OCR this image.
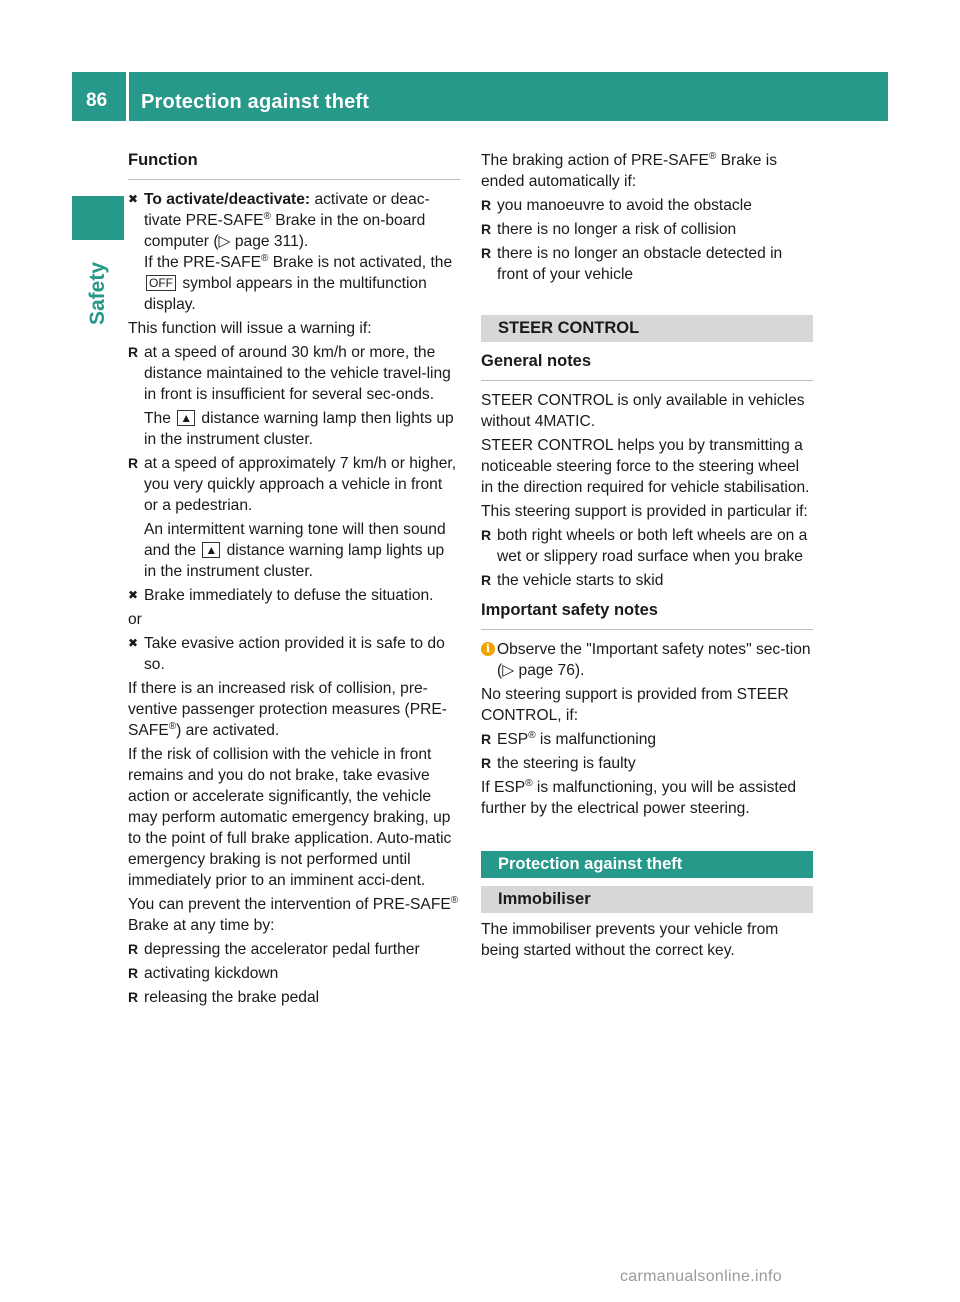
86	Protection against theft
Safety
Function
✖ To activate/deactivate: activate or deac-tivate PRE-SAFE® Brake in the on-board computer (▷ page 311).
If the PRE-SAFE® Brake is not activated, the OFF symbol appears in the multifunction display.

This function will issue a warning if:

R at a speed of around 30 km/h or more, the distance maintained to the vehicle travel-ling in front is insufficient for several sec-onds.
The ▲ distance warning lamp then lights up in the instrument cluster.
R at a speed of approximately 7 km/h or higher, you very quickly approach a vehicle in front or a pedestrian.
An intermittent warning tone will then sound and the ▲ distance warning lamp lights up in the instrument cluster.
✖ Brake immediately to defuse the situation.

or

✖ Take evasive action provided it is safe to do so.

If there is an increased risk of collision, pre-ventive passenger protection measures (PRE-SAFE®) are activated.

If the risk of collision with the vehicle in front remains and you do not brake, take evasive action or accelerate significantly, the vehicle may perform automatic emergency braking, up to the point of full brake application. Auto-matic emergency braking is not performed until immediately prior to an imminent acci-dent.

You can prevent the intervention of PRE-SAFE® Brake at any time by:

R depressing the accelerator pedal further
R activating kickdown
R releasing the brake pedal

The braking action of PRE-SAFE® Brake is ended automatically if:

R you manoeuvre to avoid the obstacle
R there is no longer a risk of collision
R there is no longer an obstacle detected in front of your vehicle
STEER CONTROL
General notes

STEER CONTROL is only available in vehicles without 4MATIC.

STEER CONTROL helps you by transmitting a noticeable steering force to the steering wheel in the direction required for vehicle stabilisation.

This steering support is provided in particular if:

R both right wheels or both left wheels are on a wet or slippery road surface when you brake
R the vehicle starts to skid
Important safety notes
i Observe the "Important safety notes" sec-tion (▷ page 76).

No steering support is provided from STEER CONTROL, if:

R ESP® is malfunctioning
R the steering is faulty

If ESP® is malfunctioning, you will be assisted further by the electrical power steering.

Protection against theft
Immobiliser

The immobiliser prevents your vehicle from being started without the correct key.

carmanualsonline.info
